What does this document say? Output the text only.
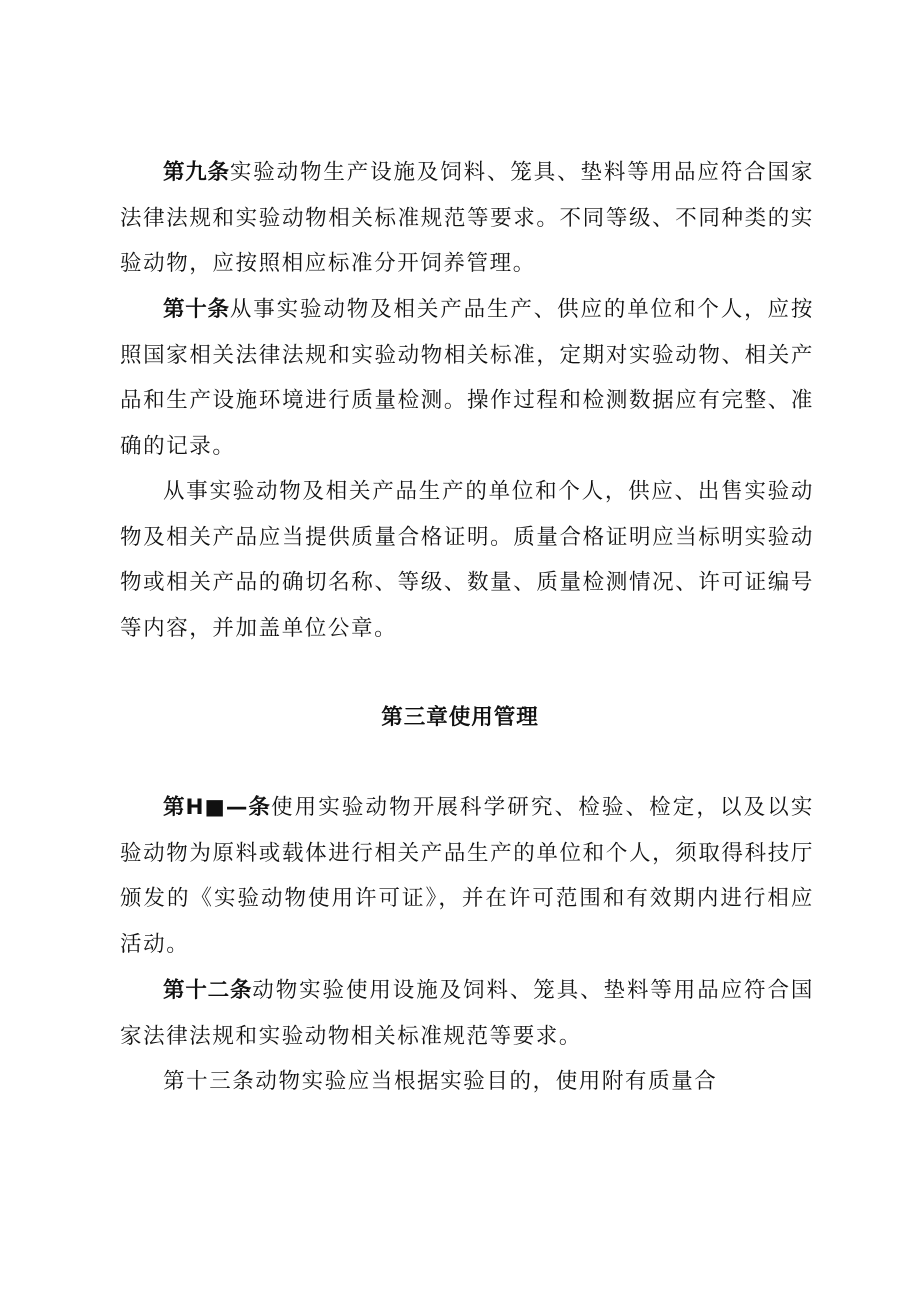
第九条实验动物生产设施及饲料、笼具、垫料等用品应符合国家法律法规和实验动物相关标准规范等要求。不同等级、不同种类的实验动物，应按照相应标准分开饲养管理。

第十条从事实验动物及相关产品生产、供应的单位和个人，应按照国家相关法律法规和实验动物相关标准，定期对实验动物、相关产品和生产设施环境进行质量检测。操作过程和检测数据应有完整、准确的记录。

从事实验动物及相关产品生产的单位和个人，供应、出售实验动物及相关产品应当提供质量合格证明。质量合格证明应当标明实验动物或相关产品的确切名称、等级、数量、质量检测情况、许可证编号等内容，并加盖单位公章。

第三章使用管理

第H■—条使用实验动物开展科学研究、检验、检定，以及以实验动物为原料或载体进行相关产品生产的单位和个人，须取得科技厅颁发的《实验动物使用许可证》，并在许可范围和有效期内进行相应活动。

第十二条动物实验使用设施及饲料、笼具、垫料等用品应符合国家法律法规和实验动物相关标准规范等要求。

第十三条动物实验应当根据实验目的，使用附有质量合
